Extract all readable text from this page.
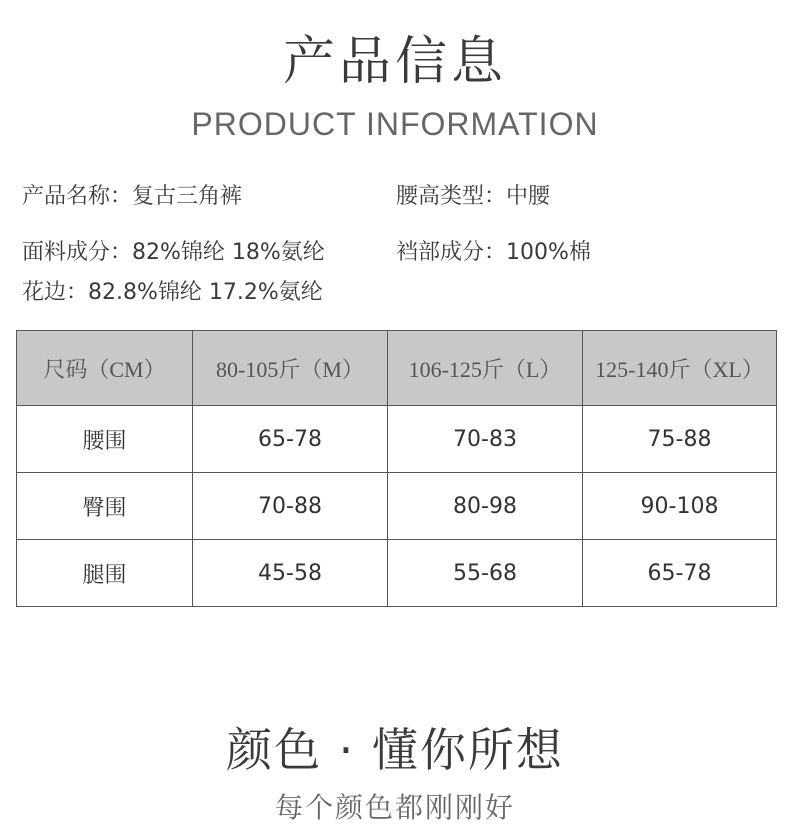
产品信息
PRODUCT INFORMATION
产品名称：复古三角裤	腰高类型：中腰
面料成分：82%锦纶 18%氨纶	裆部成分：100%棉
花边：82.8%锦纶 17.2%氨纶
尺码（CM）	80-105斤（M）	106-125斤（L）	125-140斤（XL）
腰围	65-78	70-83	75-88
臀围	70-88	80-98	90-108
腿围	45-58	55-68	65-78
颜色 · 懂你所想
每个颜色都刚刚好
